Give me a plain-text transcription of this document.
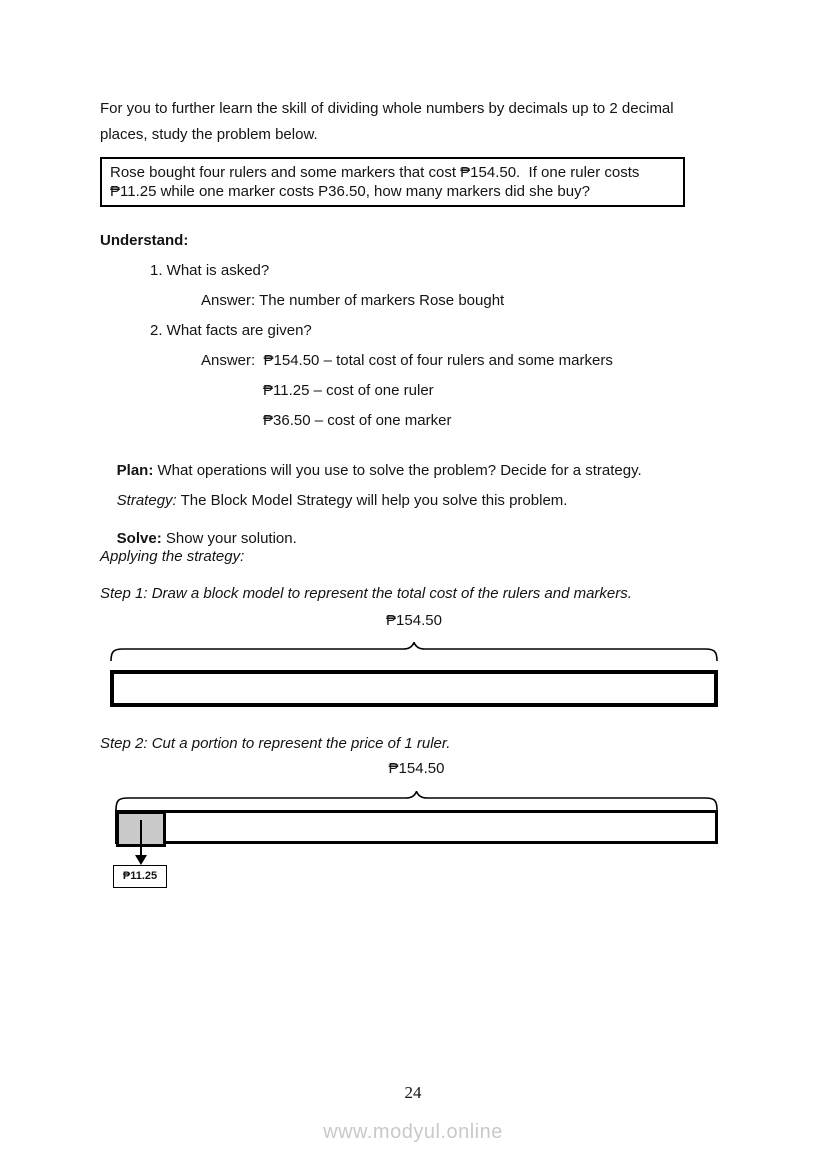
For you to further learn the skill of dividing whole numbers by decimals up to 2 decimal
places, study the problem below.
Rose bought four rulers and some markers that cost ₱154.50.  If one ruler costs
₱11.25 while one marker costs P36.50, how many markers did she buy?
Understand:
1. What is asked?
Answer: The number of markers Rose bought
2. What facts are given?
Answer:  ₱154.50 – total cost of four rulers and some markers
₱11.25 – cost of one ruler
₱36.50 – cost of one marker

Plan: What operations will you use to solve the problem? Decide for a strategy.

Strategy: The Block Model Strategy will help you solve this problem.

Solve: Show your solution.

Applying the strategy:
Step 1: Draw a block model to represent the total cost of the rulers and markers.
₱154.50
Step 2: Cut a portion to represent the price of 1 ruler.
₱154.50
₱11.25
24
www.modyul.online
